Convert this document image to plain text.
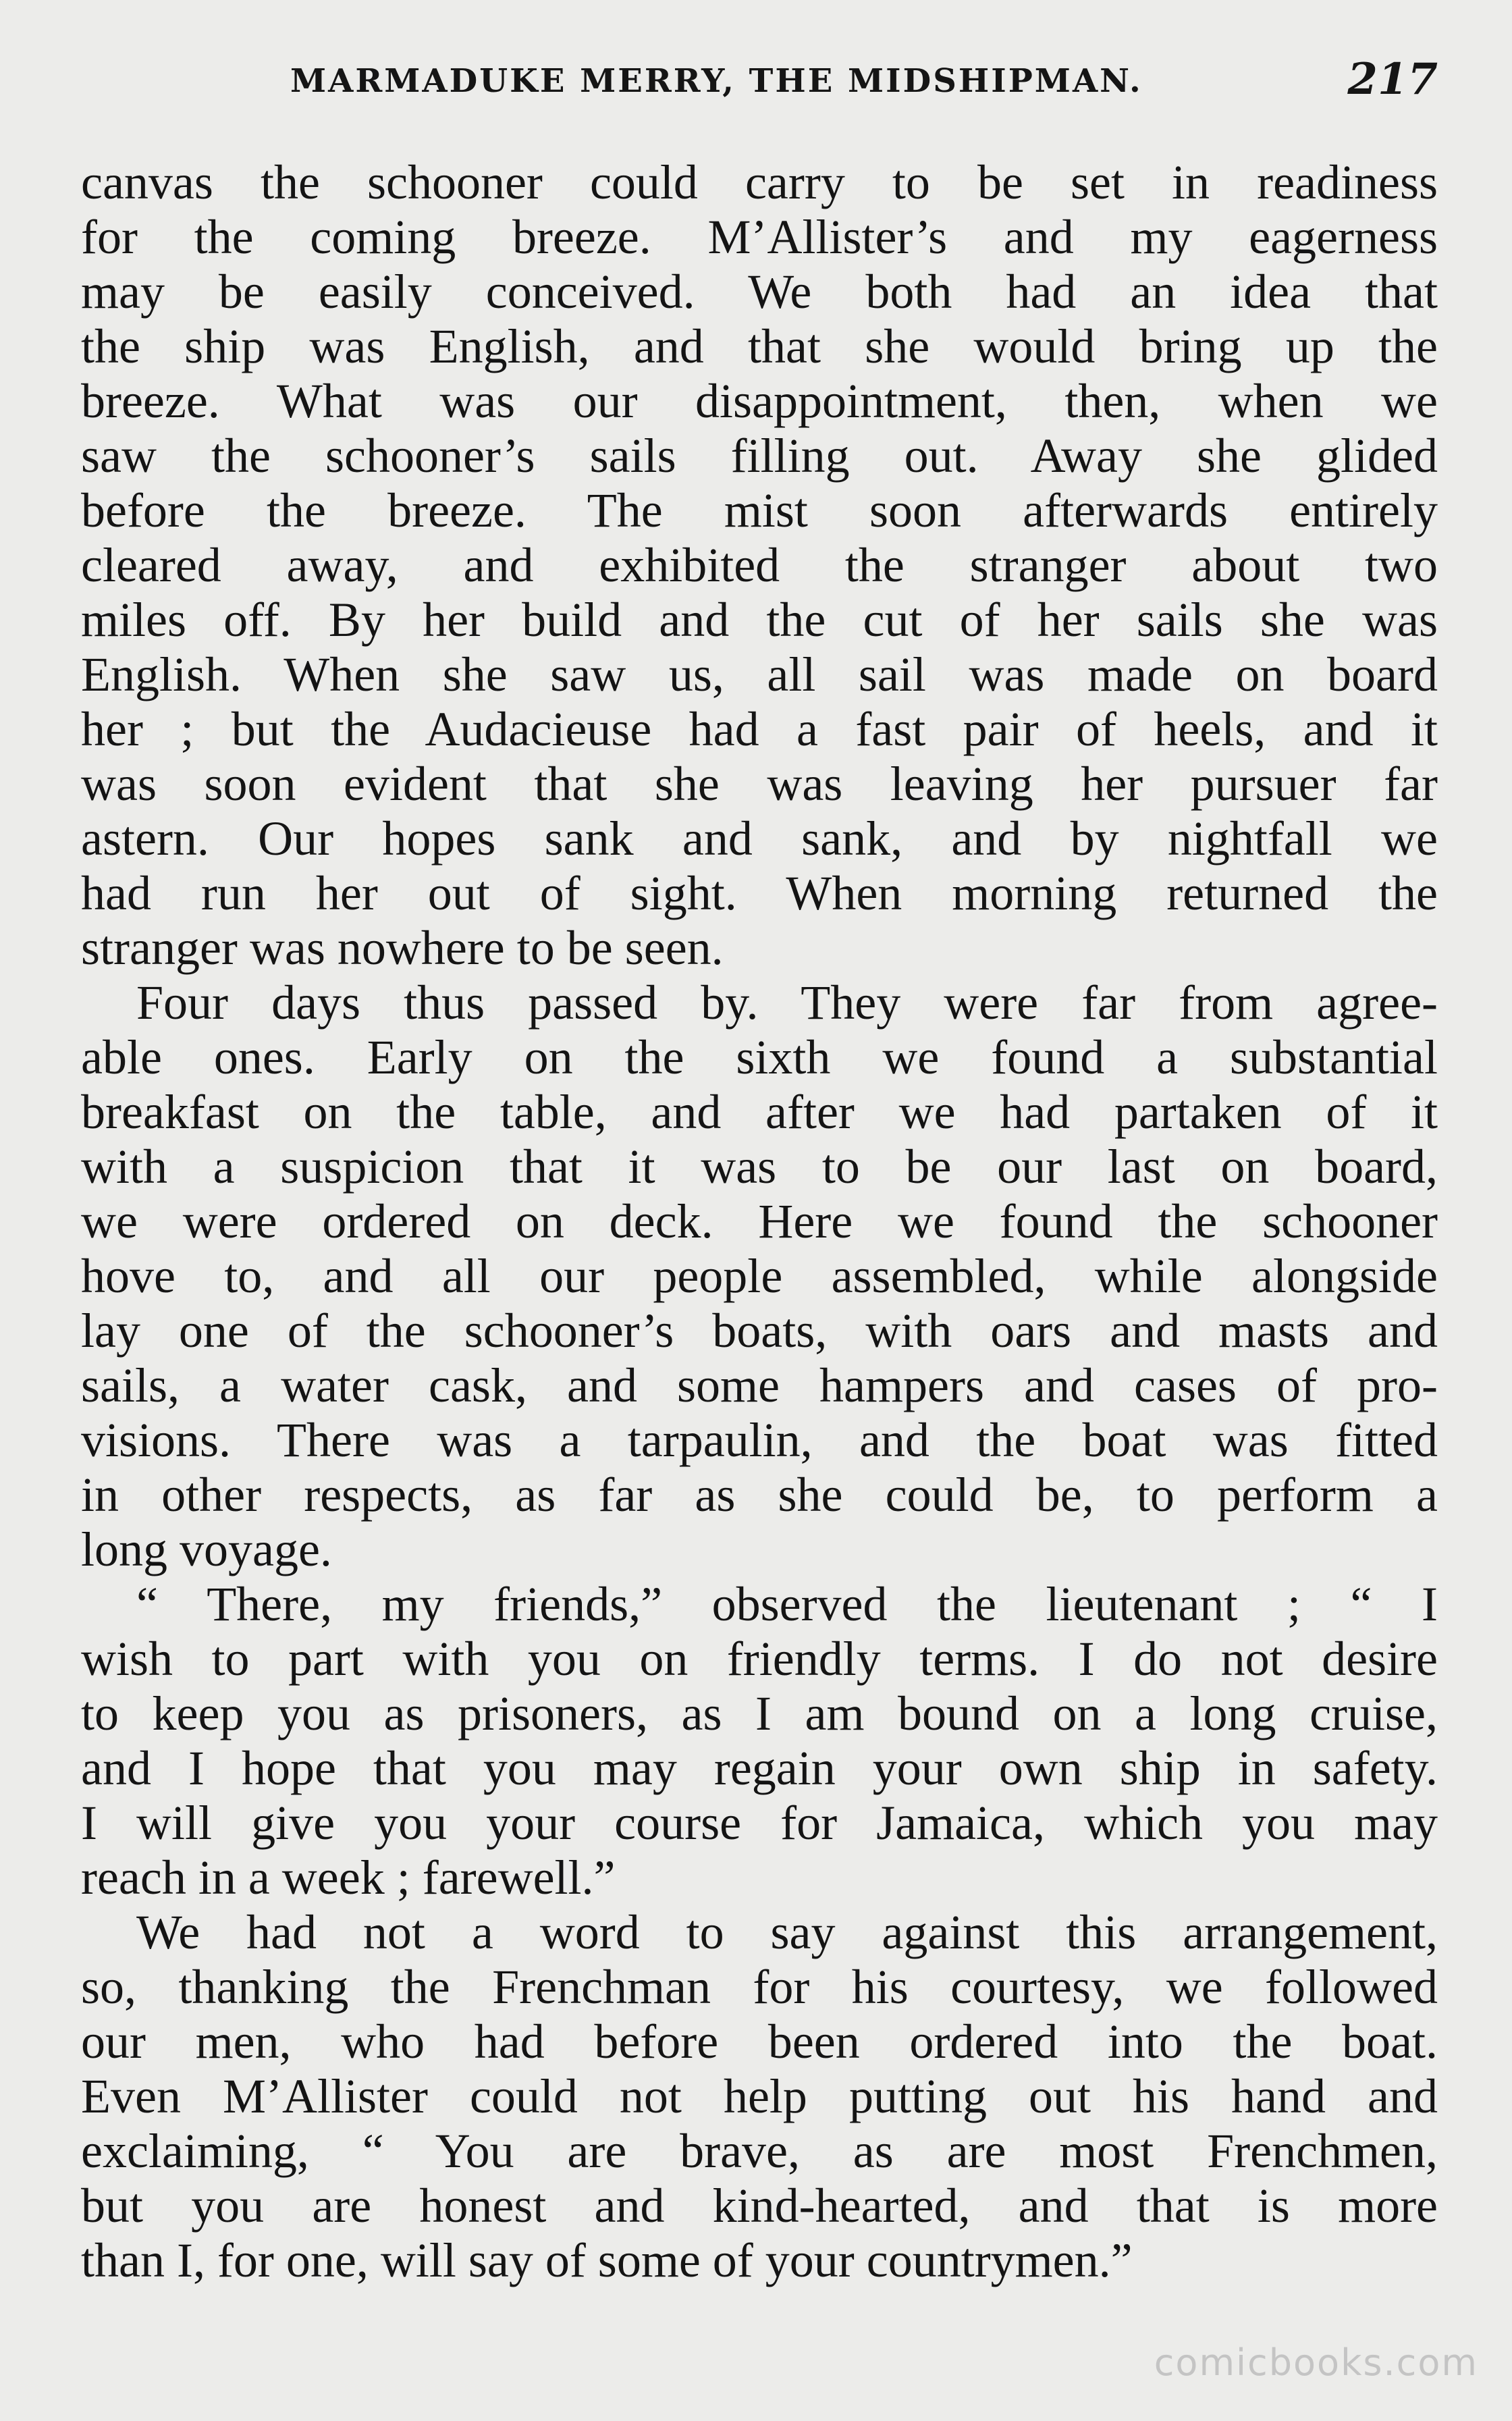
MARMADUKE MERRY, THE MIDSHIPMAN.	217
canvas the schooner could carry to be set in readiness
for the coming breeze. M’Allister’s and my eagerness
may be easily conceived. We both had an idea that
the ship was English, and that she would bring up the
breeze. What was our disappointment, then, when we
saw the schooner’s sails filling out. Away she glided
before the breeze. The mist soon afterwards entirely
cleared away, and exhibited the stranger about two
miles off. By her build and the cut of her sails she was
English. When she saw us, all sail was made on board
her ; but the Audacieuse had a fast pair of heels, and it
was soon evident that she was leaving her pursuer far
astern. Our hopes sank and sank, and by nightfall we
had run her out of sight. When morning returned the
stranger was nowhere to be seen.
Four days thus passed by. They were far from agree-
able ones. Early on the sixth we found a substantial
breakfast on the table, and after we had partaken of it
with a suspicion that it was to be our last on board,
we were ordered on deck. Here we found the schooner
hove to, and all our people assembled, while alongside
lay one of the schooner’s boats, with oars and masts and
sails, a water cask, and some hampers and cases of pro-
visions. There was a tarpaulin, and the boat was fitted
in other respects, as far as she could be, to perform a
long voyage.
“ There, my friends,” observed the lieutenant ; “ I
wish to part with you on friendly terms. I do not desire
to keep you as prisoners, as I am bound on a long cruise,
and I hope that you may regain your own ship in safety.
I will give you your course for Jamaica, which you may
reach in a week ; farewell.”
We had not a word to say against this arrangement,
so, thanking the Frenchman for his courtesy, we followed
our men, who had before been ordered into the boat.
Even M’Allister could not help putting out his hand and
exclaiming, “ You are brave, as are most Frenchmen,
but you are honest and kind-hearted, and that is more
than I, for one, will say of some of your countrymen.”
comicbooks.com
